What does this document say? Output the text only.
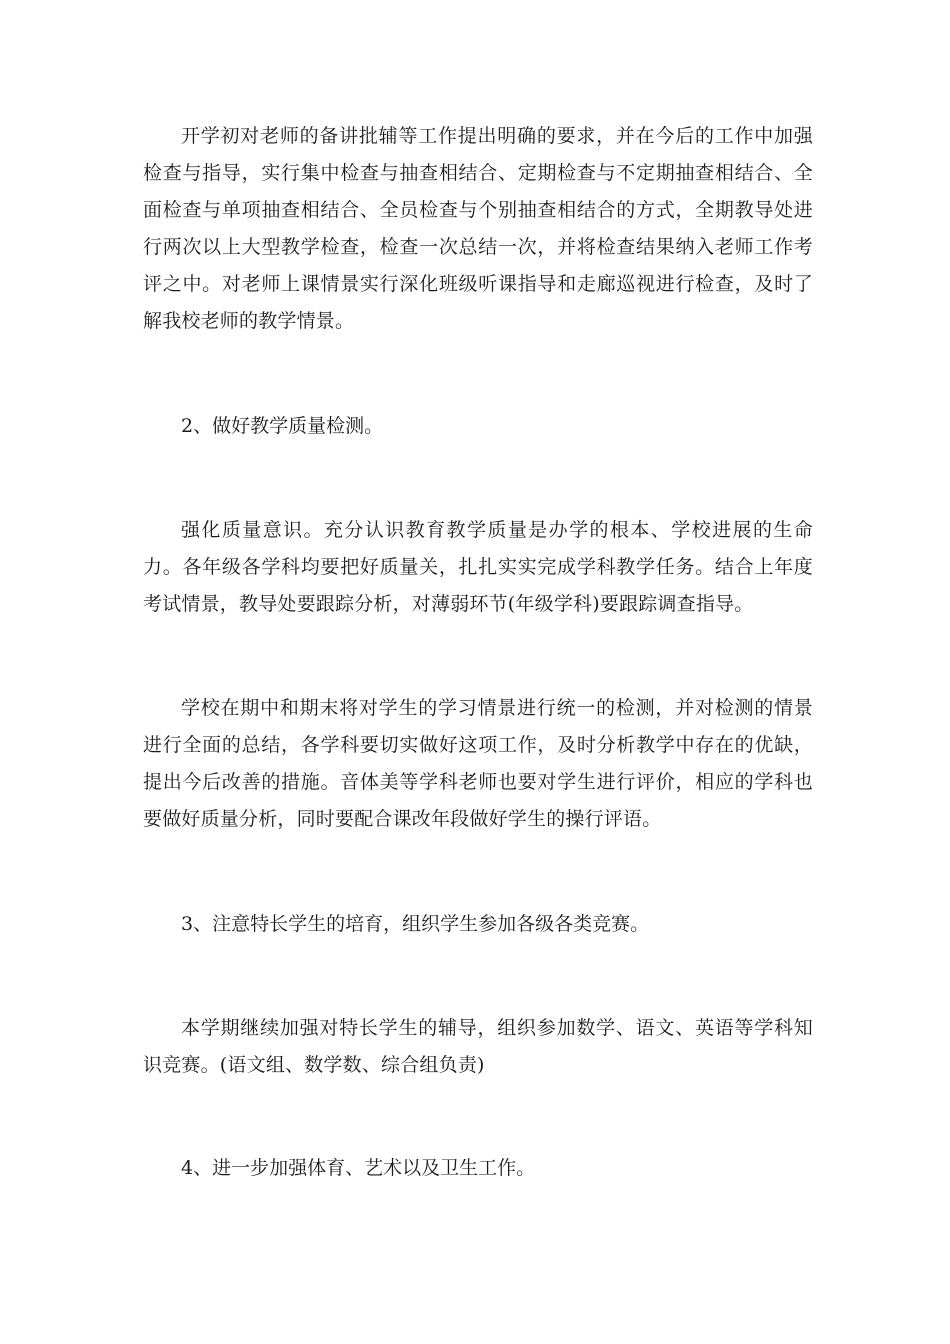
开学初对老师的备讲批辅等工作提出明确的要求，并在今后的工作中加强检查与指导，实行集中检查与抽查相结合、定期检查与不定期抽查相结合、全面检查与单项抽查相结合、全员检查与个别抽查相结合的方式，全期教导处进行两次以上大型教学检查，检查一次总结一次，并将检查结果纳入老师工作考评之中。对老师上课情景实行深化班级听课指导和走廊巡视进行检查，及时了解我校老师的教学情景。

2、做好教学质量检测。

强化质量意识。充分认识教育教学质量是办学的根本、学校进展的生命力。各年级各学科均要把好质量关，扎扎实实完成学科教学任务。结合上年度考试情景，教导处要跟踪分析，对薄弱环节(年级学科)要跟踪调查指导。

学校在期中和期末将对学生的学习情景进行统一的检测，并对检测的情景进行全面的总结，各学科要切实做好这项工作，及时分析教学中存在的优缺，提出今后改善的措施。音体美等学科老师也要对学生进行评价，相应的学科也要做好质量分析，同时要配合课改年段做好学生的操行评语。

3、注意特长学生的培育，组织学生参加各级各类竞赛。

本学期继续加强对特长学生的辅导，组织参加数学、语文、英语等学科知识竞赛。(语文组、数学数、综合组负责)

4、进一步加强体育、艺术以及卫生工作。
